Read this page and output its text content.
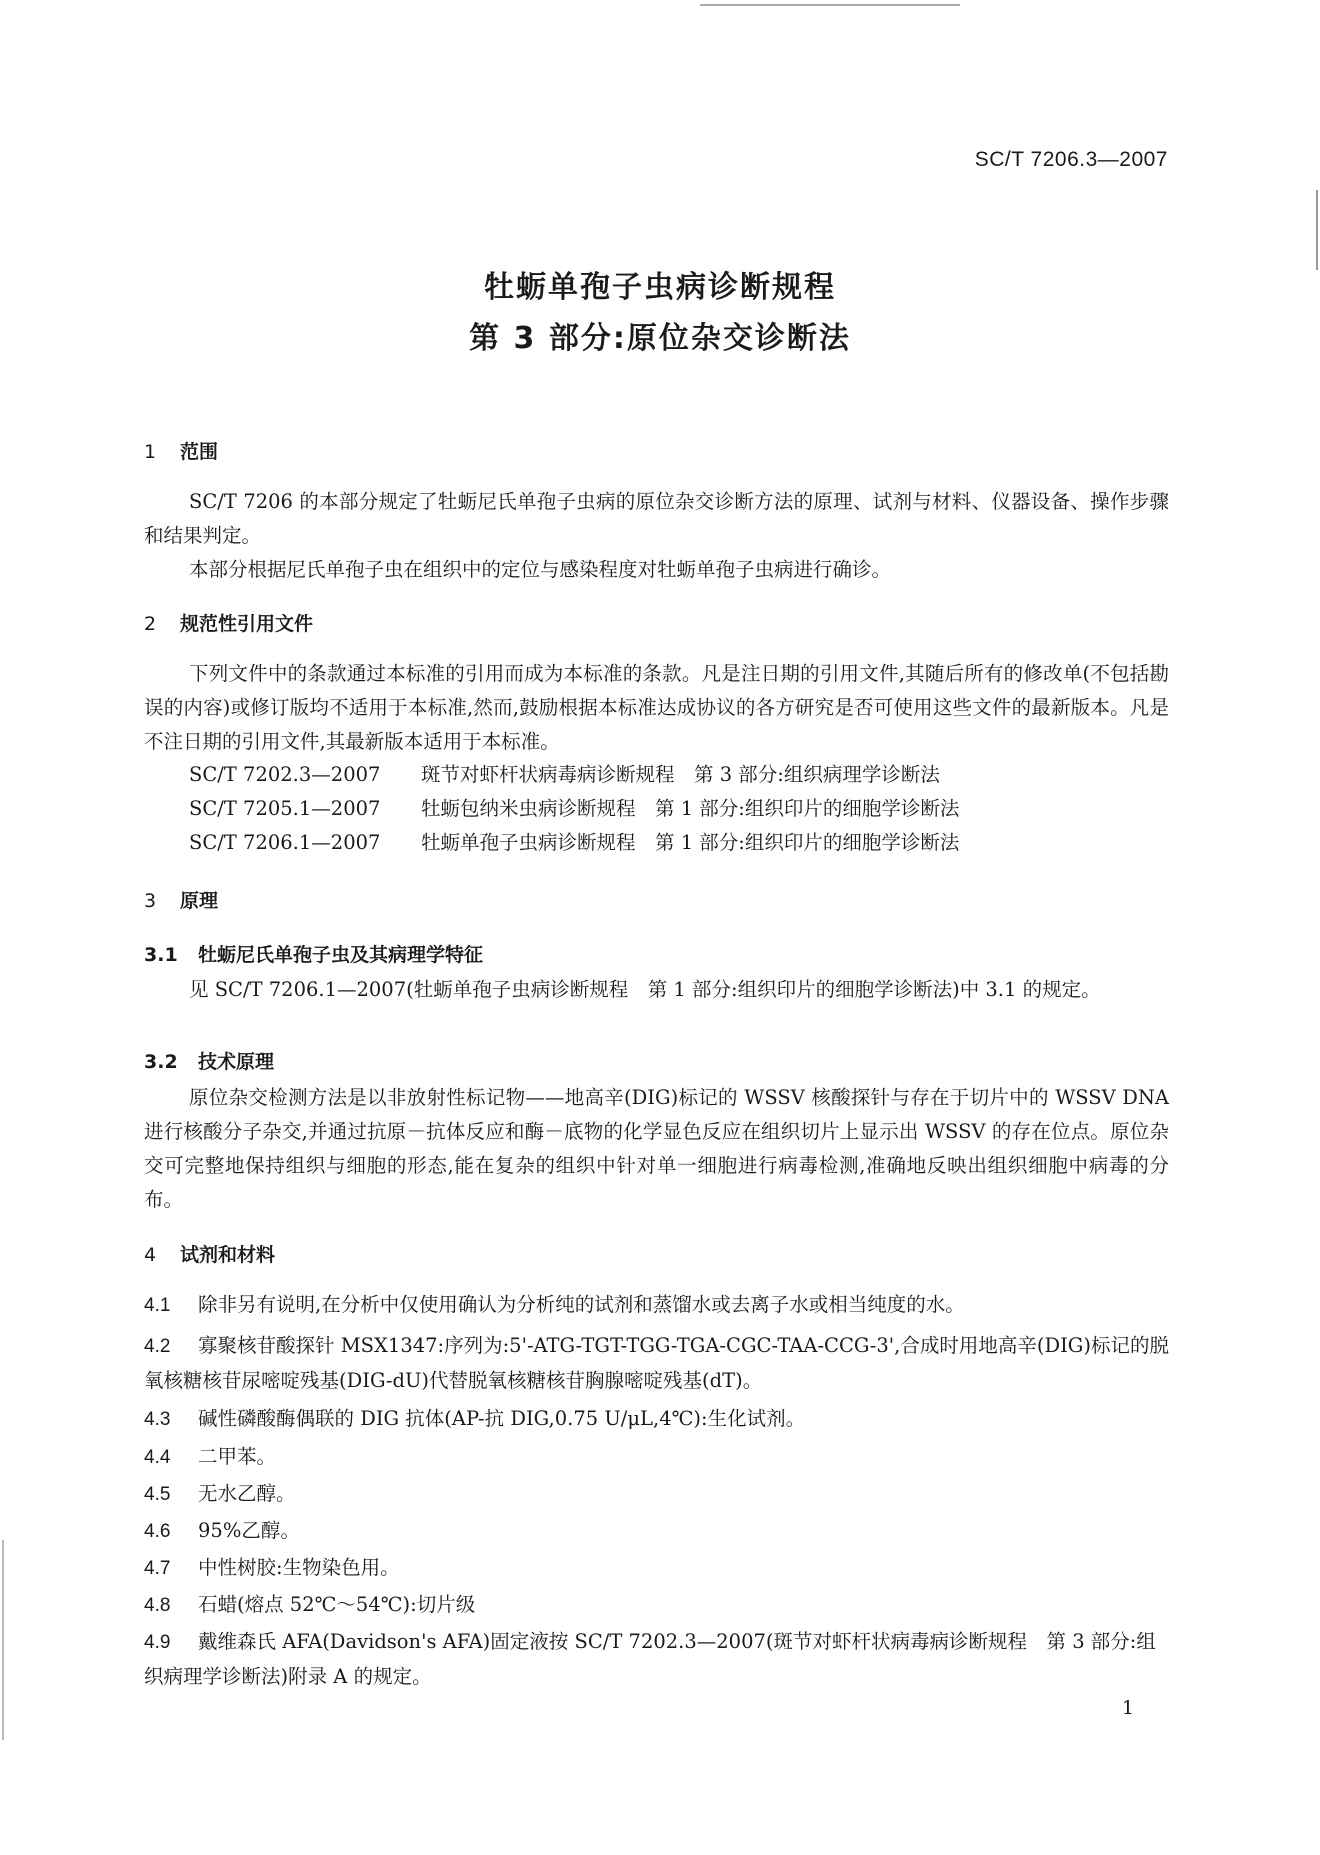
SC/T 7206.3—2007
牡蛎单孢子虫病诊断规程
第 3 部分:原位杂交诊断法
1 范围
SC/T 7206 的本部分规定了牡蛎尼氏单孢子虫病的原位杂交诊断方法的原理、试剂与材料、仪器设备、操作步骤和结果判定。
本部分根据尼氏单孢子虫在组织中的定位与感染程度对牡蛎单孢子虫病进行确诊。
2 规范性引用文件
下列文件中的条款通过本标准的引用而成为本标准的条款。凡是注日期的引用文件,其随后所有的修改单(不包括勘误的内容)或修订版均不适用于本标准,然而,鼓励根据本标准达成协议的各方研究是否可使用这些文件的最新版本。凡是不注日期的引用文件,其最新版本适用于本标准。
SC/T 7202.3—2007 斑节对虾杆状病毒病诊断规程　第 3 部分:组织病理学诊断法
SC/T 7205.1—2007 牡蛎包纳米虫病诊断规程　第 1 部分:组织印片的细胞学诊断法
SC/T 7206.1—2007 牡蛎单孢子虫病诊断规程　第 1 部分:组织印片的细胞学诊断法
3 原理
3.1 牡蛎尼氏单孢子虫及其病理学特征
见 SC/T 7206.1—2007(牡蛎单孢子虫病诊断规程　第 1 部分:组织印片的细胞学诊断法)中 3.1 的规定。
3.2 技术原理
原位杂交检测方法是以非放射性标记物——地高辛(DIG)标记的 WSSV 核酸探针与存在于切片中的 WSSV DNA 进行核酸分子杂交,并通过抗原－抗体反应和酶－底物的化学显色反应在组织切片上显示出 WSSV 的存在位点。原位杂交可完整地保持组织与细胞的形态,能在复杂的组织中针对单一细胞进行病毒检测,准确地反映出组织细胞中病毒的分布。
4 试剂和材料
4.1 除非另有说明,在分析中仅使用确认为分析纯的试剂和蒸馏水或去离子水或相当纯度的水。
4.2 寡聚核苷酸探针 MSX1347:序列为:5'-ATG-TGT-TGG-TGA-CGC-TAA-CCG-3',合成时用地高辛(DIG)标记的脱氧核糖核苷尿嘧啶残基(DIG-dU)代替脱氧核糖核苷胸腺嘧啶残基(dT)。
4.3 碱性磷酸酶偶联的 DIG 抗体(AP-抗 DIG,0.75 U/μL,4℃):生化试剂。
4.4 二甲苯。
4.5 无水乙醇。
4.6 95%乙醇。
4.7 中性树胶:生物染色用。
4.8 石蜡(熔点 52℃～54℃):切片级
4.9 戴维森氏 AFA(Davidson's AFA)固定液按 SC/T 7202.3—2007(斑节对虾杆状病毒病诊断规程　第 3 部分:组织病理学诊断法)附录 A 的规定。
1
